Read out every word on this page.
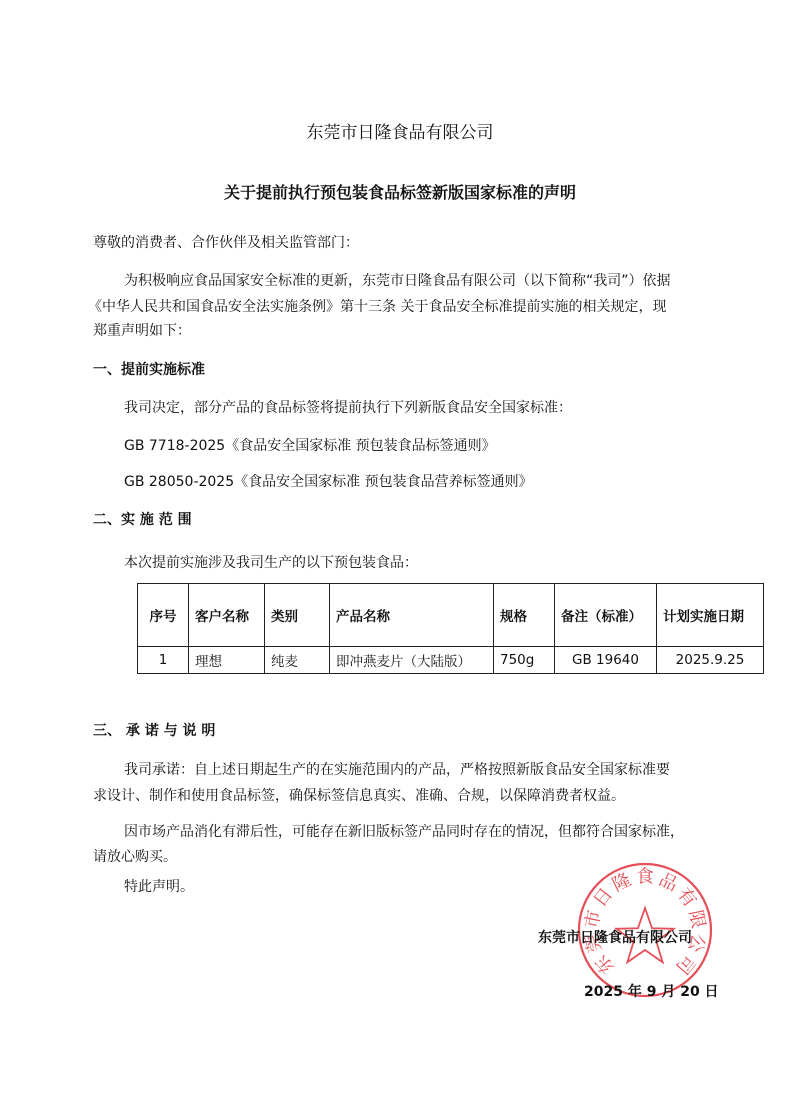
东莞市日隆食品有限公司
关于提前执行预包装食品标签新版国家标准的声明
尊敬的消费者、合作伙伴及相关监管部门：
为积极响应食品国家安全标准的更新，东莞市日隆食品有限公司（以下简称“我司”）依据
《中华人民共和国食品安全法实施条例》第十三条 关于食品安全标准提前实施的相关规定，现
郑重声明如下：
一、提前实施标准
我司决定，部分产品的食品标签将提前执行下列新版食品安全国家标准：
GB 7718-2025《食品安全国家标准 预包装食品标签通则》
GB 28050-2025《食品安全国家标准 预包装食品营养标签通则》
二、实 施 范 围
本次提前实施涉及我司生产的以下预包装食品：
序号	客户名称	类别	产品名称	规格	备注（标准）	计划实施日期
1	理想	纯麦	即冲燕麦片（大陆版）	750g	GB 19640	2025.9.25
三、 承 诺 与 说 明
我司承诺：自上述日期起生产的在实施范围内的产品，严格按照新版食品安全国家标准要
求设计、制作和使用食品标签，确保标签信息真实、准确、合规，以保障消费者权益。
因市场产品消化有滞后性，可能存在新旧版标签产品同时存在的情况，但都符合国家标准，
请放心购买。
特此声明。
东莞市日隆食品有限公司
2025 年 9 月 20 日
